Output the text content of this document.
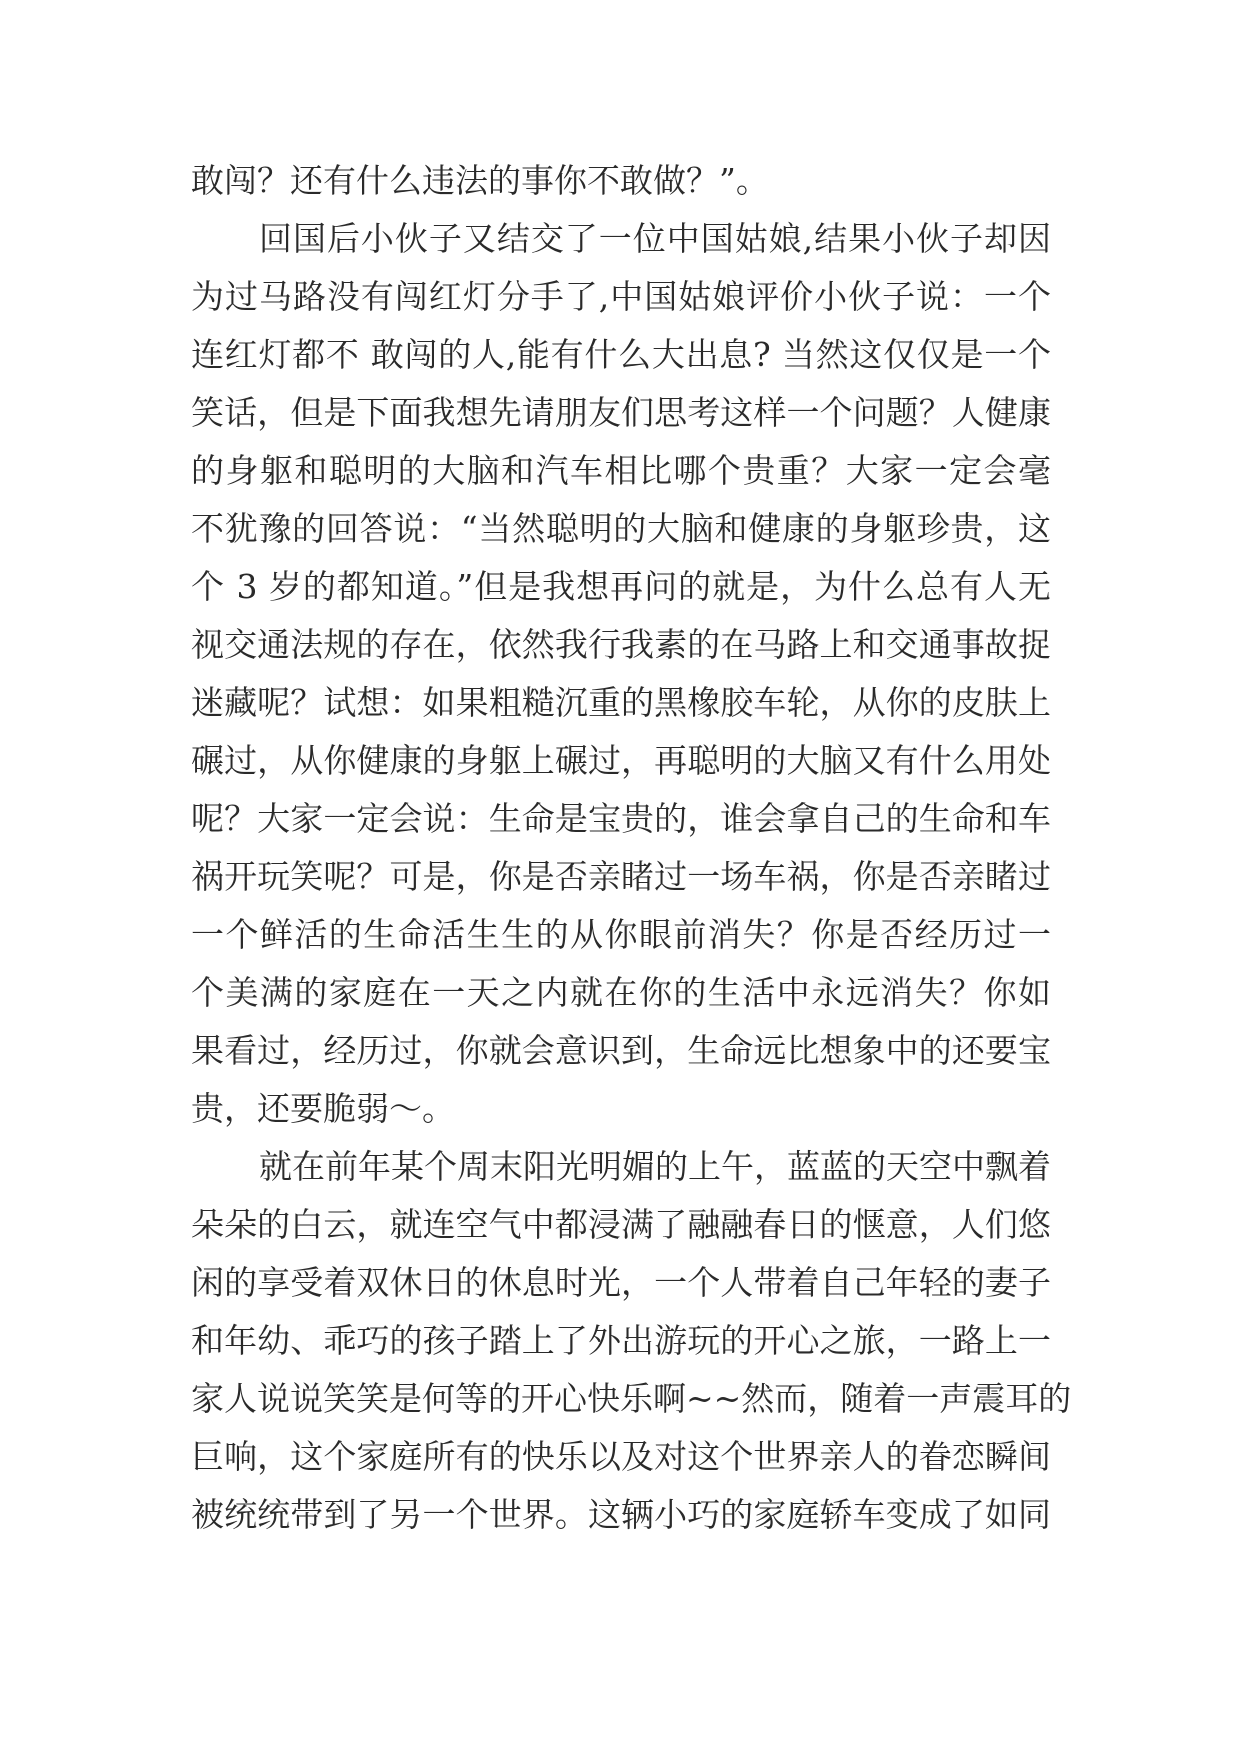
敢闯？还有什么违法的事你不敢做？”。
回国后小伙子又结交了一位中国姑娘,结果小伙子却因
为过马路没有闯红灯分手了,中国姑娘评价小伙子说：一个
连红灯都不 敢闯的人,能有什么大出息? 当然这仅仅是一个
笑话，但是下面我想先请朋友们思考这样一个问题？人健康
的身躯和聪明的大脑和汽车相比哪个贵重？大家一定会毫
不犹豫的回答说：“当然聪明的大脑和健康的身躯珍贵，这
个 3 岁的都知道。”但是我想再问的就是，为什么总有人无
视交通法规的存在，依然我行我素的在马路上和交通事故捉
迷藏呢？试想：如果粗糙沉重的黑橡胶车轮，从你的皮肤上
碾过，从你健康的身躯上碾过，再聪明的大脑又有什么用处
呢？大家一定会说：生命是宝贵的，谁会拿自己的生命和车
祸开玩笑呢？可是，你是否亲睹过一场车祸，你是否亲睹过
一个鲜活的生命活生生的从你眼前消失？你是否经历过一
个美满的家庭在一天之内就在你的生活中永远消失？你如
果看过，经历过，你就会意识到，生命远比想象中的还要宝
贵，还要脆弱～。
就在前年某个周末阳光明媚的上午，蓝蓝的天空中飘着
朵朵的白云，就连空气中都浸满了融融春日的惬意，人们悠
闲的享受着双休日的休息时光，一个人带着自己年轻的妻子
和年幼、乖巧的孩子踏上了外出游玩的开心之旅，一路上一
家人说说笑笑是何等的开心快乐啊~~然而，随着一声震耳的
巨响，这个家庭所有的快乐以及对这个世界亲人的眷恋瞬间
被统统带到了另一个世界。这辆小巧的家庭轿车变成了如同
